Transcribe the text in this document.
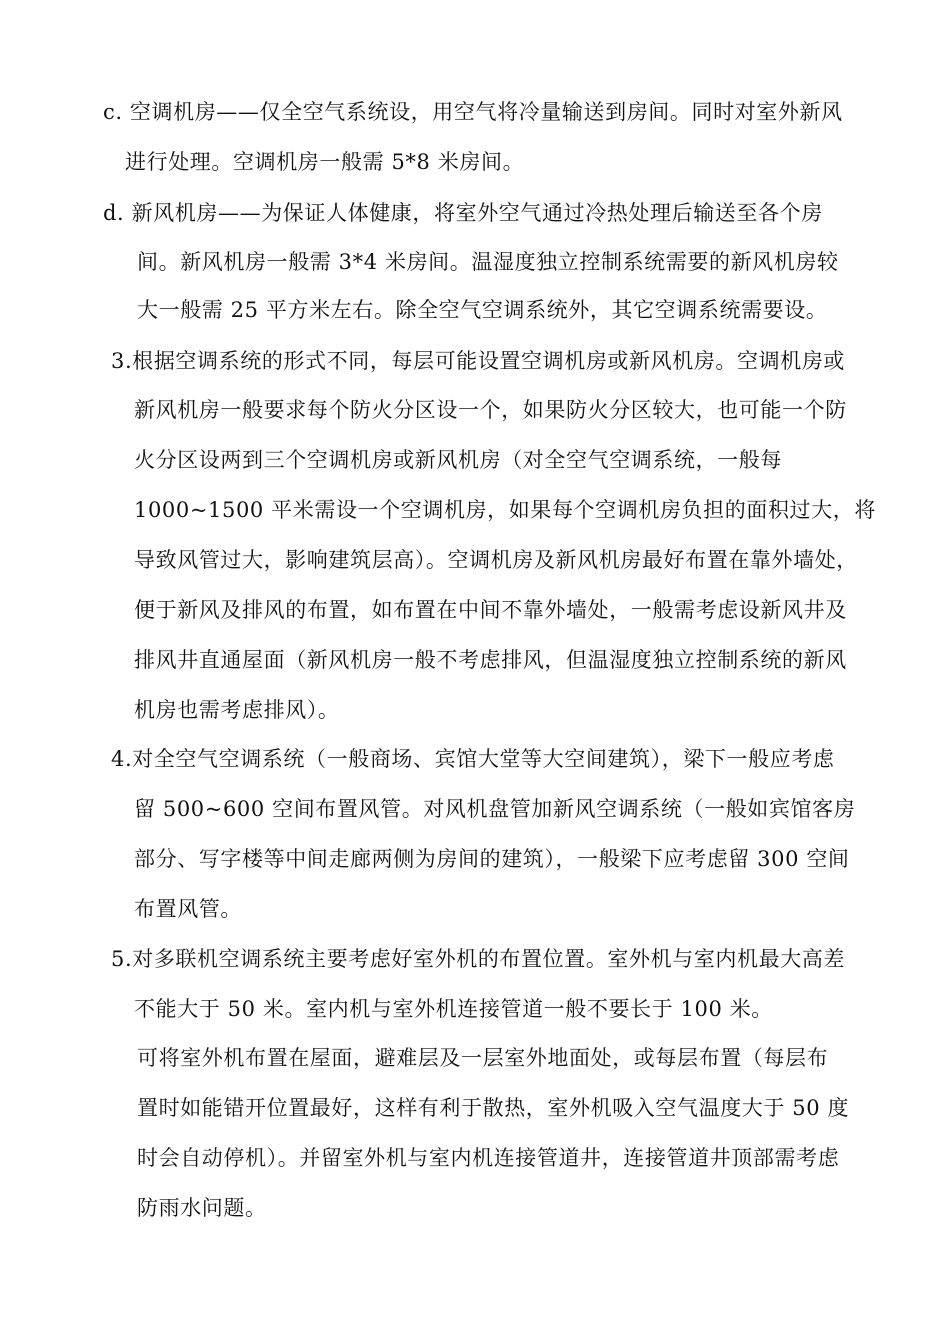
c. 空调机房——仅全空气系统设，用空气将冷量输送到房间。同时对室外新风
进行处理。空调机房一般需 5*8 米房间。
d. 新风机房——为保证人体健康，将室外空气通过冷热处理后输送至各个房
间。新风机房一般需 3*4 米房间。温湿度独立控制系统需要的新风机房较
大一般需 25 平方米左右。除全空气空调系统外，其它空调系统需要设。
3.根据空调系统的形式不同，每层可能设置空调机房或新风机房。空调机房或
新风机房一般要求每个防火分区设一个，如果防火分区较大，也可能一个防
火分区设两到三个空调机房或新风机房（对全空气空调系统，一般每
1000~1500 平米需设一个空调机房，如果每个空调机房负担的面积过大，将
导致风管过大，影响建筑层高）。空调机房及新风机房最好布置在靠外墙处，
便于新风及排风的布置，如布置在中间不靠外墙处，一般需考虑设新风井及
排风井直通屋面（新风机房一般不考虑排风，但温湿度独立控制系统的新风
机房也需考虑排风）。
4.对全空气空调系统（一般商场、宾馆大堂等大空间建筑），梁下一般应考虑
留 500~600 空间布置风管。对风机盘管加新风空调系统（一般如宾馆客房
部分、写字楼等中间走廊两侧为房间的建筑），一般梁下应考虑留 300 空间
布置风管。
5.对多联机空调系统主要考虑好室外机的布置位置。室外机与室内机最大高差
不能大于 50 米。室内机与室外机连接管道一般不要长于 100 米。
可将室外机布置在屋面，避难层及一层室外地面处，或每层布置（每层布
置时如能错开位置最好，这样有利于散热，室外机吸入空气温度大于 50 度
时会自动停机）。并留室外机与室内机连接管道井，连接管道井顶部需考虑
防雨水问题。
